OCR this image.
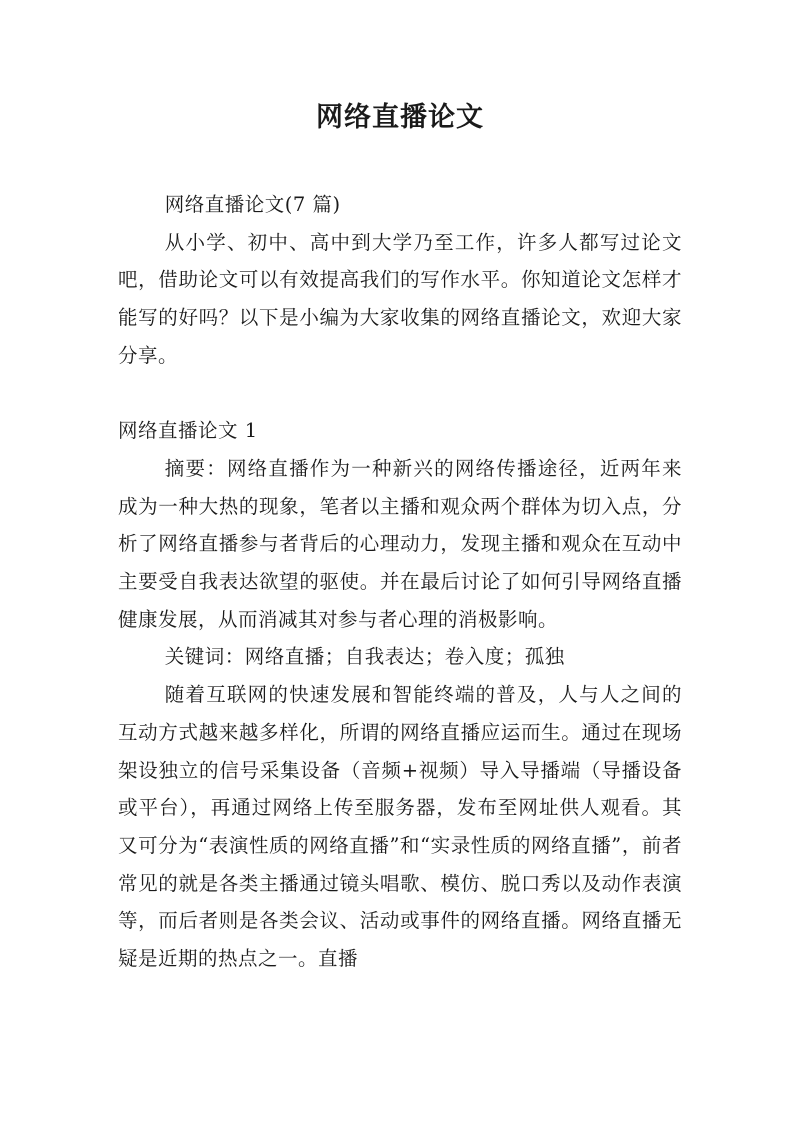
网络直播论文

网络直播论文(7 篇)

从小学、初中、高中到大学乃至工作，许多人都写过论文吧，借助论文可以有效提高我们的写作水平。你知道论文怎样才能写的好吗？以下是小编为大家收集的网络直播论文，欢迎大家分享。

网络直播论文 1

摘要：网络直播作为一种新兴的网络传播途径，近两年来成为一种大热的现象，笔者以主播和观众两个群体为切入点，分析了网络直播参与者背后的心理动力，发现主播和观众在互动中主要受自我表达欲望的驱使。并在最后讨论了如何引导网络直播健康发展，从而消减其对参与者心理的消极影响。

关键词：网络直播；自我表达；卷入度；孤独

随着互联网的快速发展和智能终端的普及，人与人之间的互动方式越来越多样化，所谓的网络直播应运而生。通过在现场架设独立的信号采集设备（音频+视频）导入导播端（导播设备或平台），再通过网络上传至服务器，发布至网址供人观看。其又可分为“表演性质的网络直播”和“实录性质的网络直播”，前者常见的就是各类主播通过镜头唱歌、模仿、脱口秀以及动作表演等，而后者则是各类会议、活动或事件的网络直播。网络直播无疑是近期的热点之一。直播
